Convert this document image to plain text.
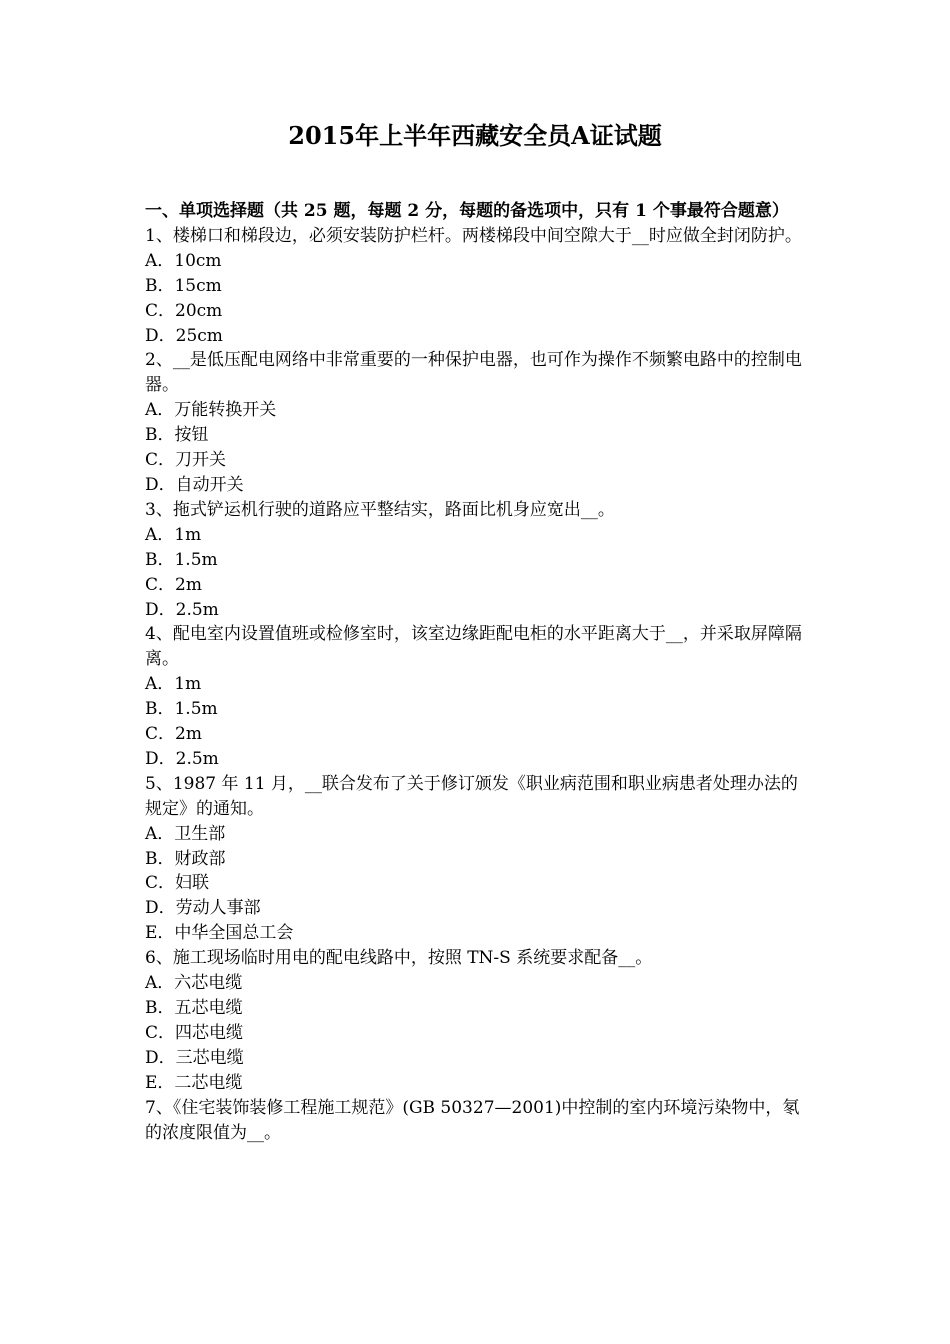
2015年上半年西藏安全员A证试题
一、单项选择题（共 25 题，每题 2 分，每题的备选项中，只有 1 个事最符合题意）
1、楼梯口和梯段边，必须安装防护栏杆。两楼梯段中间空隙大于__时应做全封闭防护。
A．10cm
B．15cm
C．20cm
D．25cm
2、__是低压配电网络中非常重要的一种保护电器，也可作为操作不频繁电路中的控制电器。
A．万能转换开关
B．按钮
C．刀开关
D．自动开关
3、拖式铲运机行驶的道路应平整结实，路面比机身应宽出__。
A．1m
B．1.5m
C．2m
D．2.5m
4、配电室内设置值班或检修室时，该室边缘距配电柜的水平距离大于__，并采取屏障隔离。
A．1m
B．1.5m
C．2m
D．2.5m
5、1987 年 11 月，__联合发布了关于修订颁发《职业病范围和职业病患者处理办法的规定》的通知。
A．卫生部
B．财政部
C．妇联
D．劳动人事部
E．中华全国总工会
6、施工现场临时用电的配电线路中，按照 TN-S 系统要求配备__。
A．六芯电缆
B．五芯电缆
C．四芯电缆
D．三芯电缆
E．二芯电缆
7、《住宅装饰装修工程施工规范》(GB 50327—2001)中控制的室内环境污染物中，氡的浓度限值为__。
